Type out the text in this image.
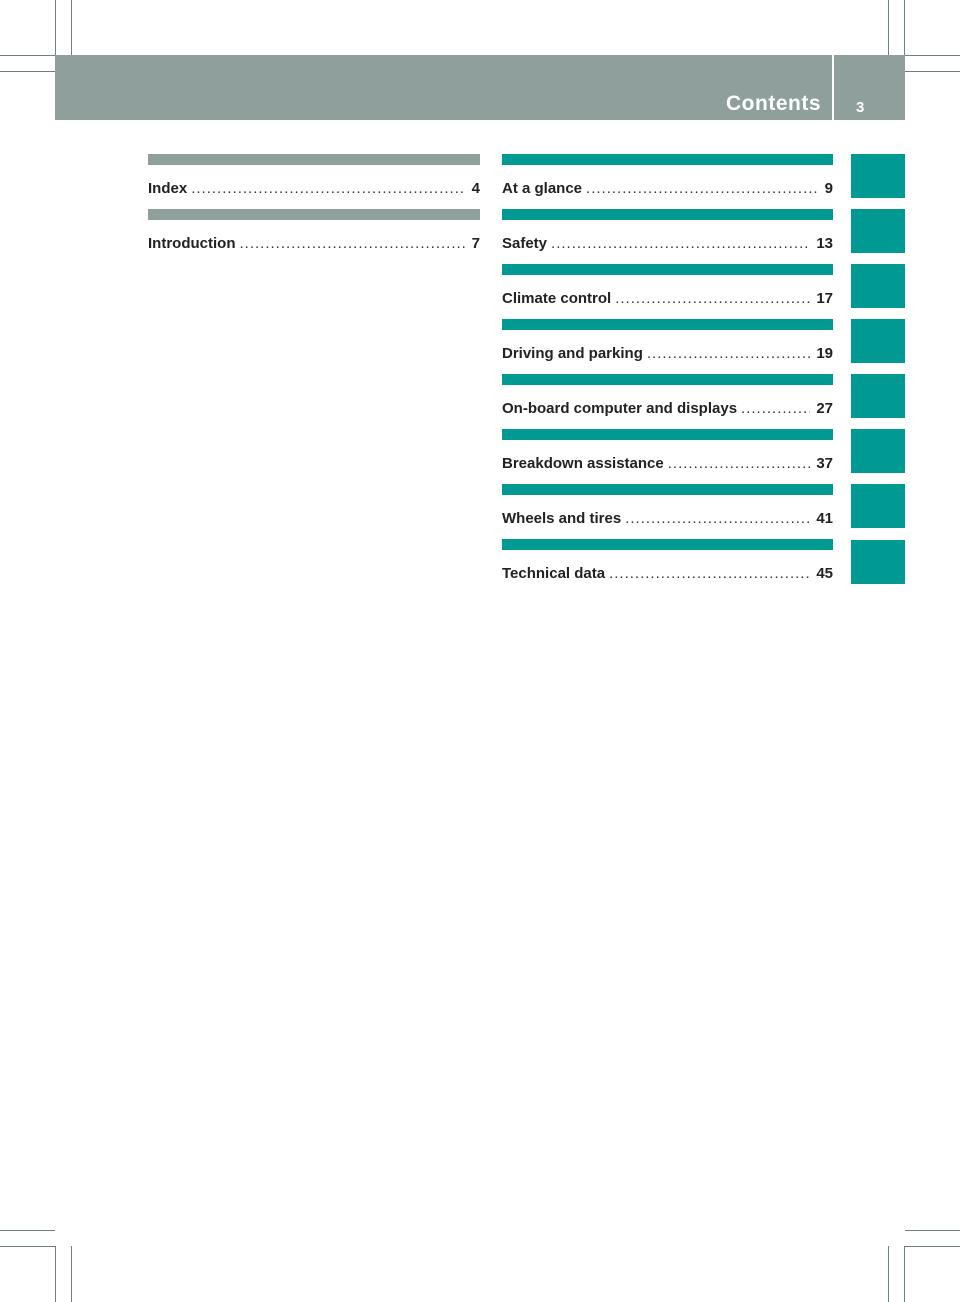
Contents 3
Index .....	4
Introduction .....	7
At a glance .....	9
Safety .....	13
Climate control .....	17
Driving and parking .....	19
On-board computer and displays .....	27
Breakdown assistance .....	37
Wheels and tires .....	41
Technical data .....	45
